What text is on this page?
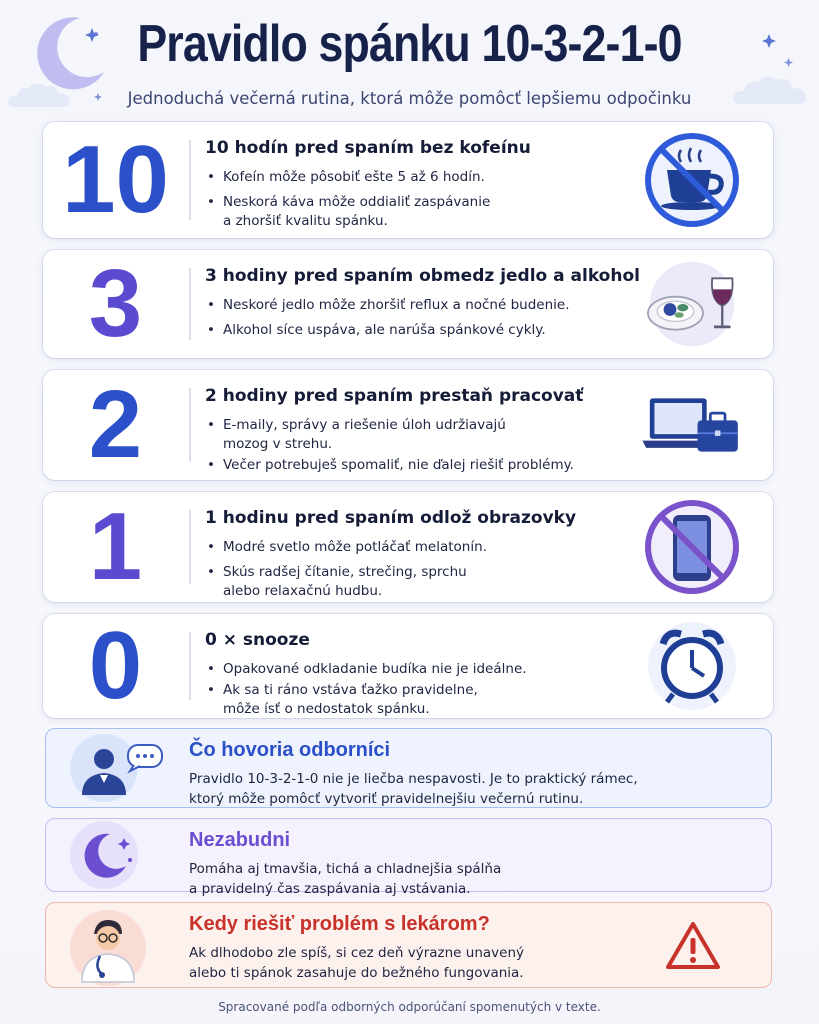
Pravidlo spánku 10-3-2-1-0
Jednoduchá večerná rutina, ktorá môže pomôcť lepšiemu odpočinku
10	10 hodín pred spaním bez kofeínu
• Kofeín môže pôsobiť ešte 5 až 6 hodín.
• Neskorá káva môže oddialiť zaspávanie
a zhoršiť kvalitu spánku.
3	3 hodiny pred spaním obmedz jedlo a alkohol
• Neskoré jedlo môže zhoršiť reflux a nočné budenie.
• Alkohol síce uspáva, ale narúša spánkové cykly.
2	2 hodiny pred spaním prestaň pracovať
• E-maily, správy a riešenie úloh udržiavajú
mozog v strehu.
• Večer potrebuješ spomaliť, nie ďalej riešiť problémy.
1	1 hodinu pred spaním odlož obrazovky
• Modré svetlo môže potláčať melatonín.
• Skús radšej čítanie, strečing, sprchu
alebo relaxačnú hudbu.
0	0 × snooze
• Opakované odkladanie budíka nie je ideálne.
• Ak sa ti ráno vstáva ťažko pravidelne,
môže ísť o nedostatok spánku.
Čo hovoria odborníci
Pravidlo 10-3-2-1-0 nie je liečba nespavosti. Je to praktický rámec,
ktorý môže pomôcť vytvoriť pravidelnejšiu večernú rutinu.
Nezabudni
Pomáha aj tmavšia, tichá a chladnejšia spálňa
a pravidelný čas zaspávania aj vstávania.
Kedy riešiť problém s lekárom?
Ak dlhodobo zle spíš, si cez deň výrazne unavený
alebo ti spánok zasahuje do bežného fungovania.
Spracované podľa odborných odporúčaní spomenutých v texte.
